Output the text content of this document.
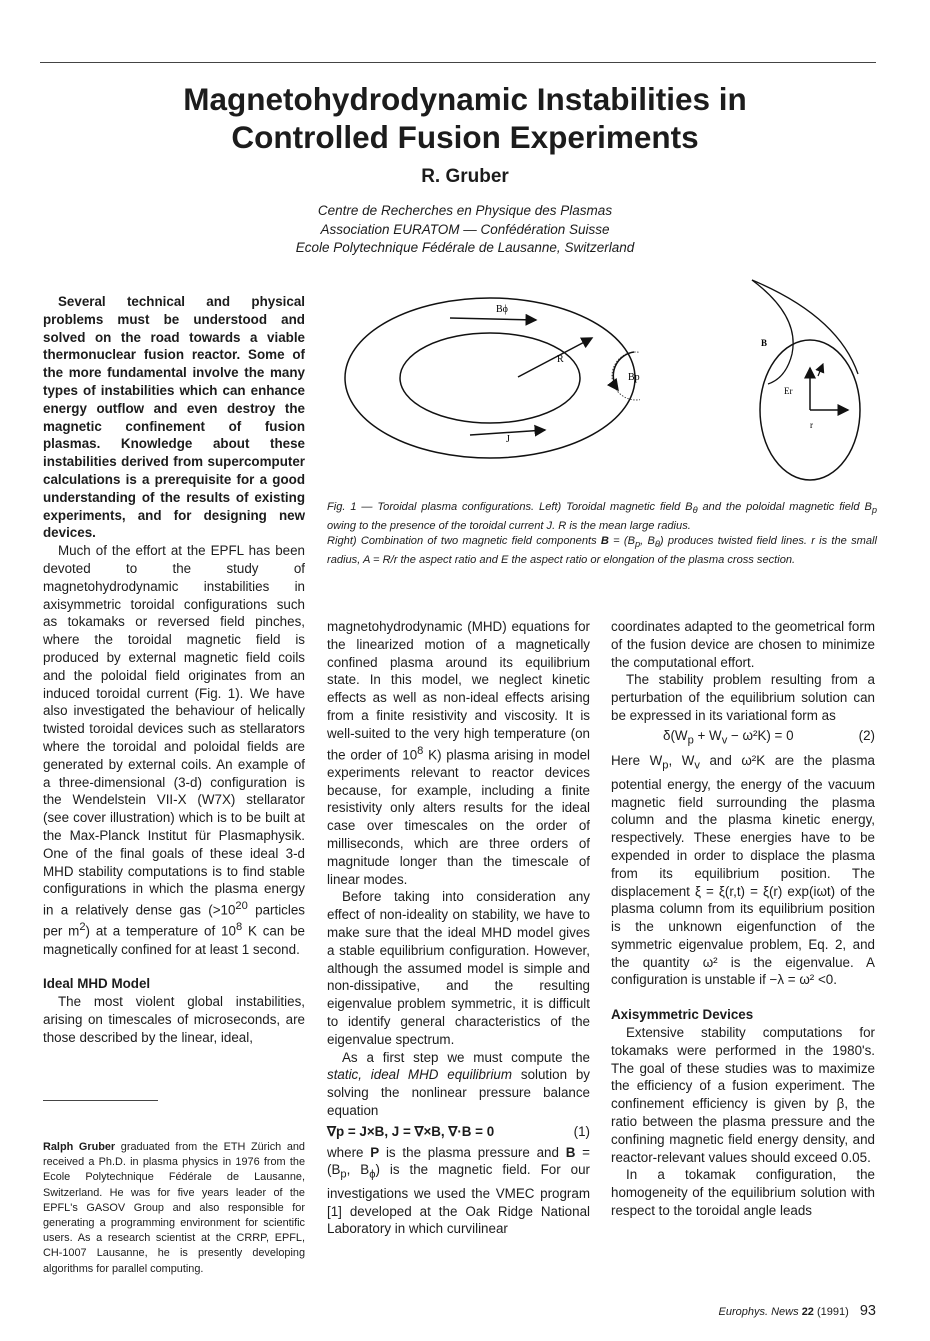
Magnetohydrodynamic Instabilities in
Controlled Fusion Experiments
R. Gruber
Centre de Recherches en Physique des Plasmas
Association EURATOM — Confédération Suisse
Ecole Polytechnique Fédérale de Lausanne, Switzerland

Several technical and physical problems must be understood and solved on the road towards a viable thermonuclear fusion reactor. Some of the more fundamental involve the many types of instabilities which can enhance energy outflow and even destroy the magnetic confinement of fusion plasmas. Knowledge about these instabilities derived from supercomputer calculations is a prerequisite for a good understanding of the results of existing experiments, and for designing new devices.

Much of the effort at the EPFL has been devoted to the study of magnetohydrodynamic instabilities in axisymmetric toroidal configurations such as tokamaks or reversed field pinches, where the toroidal magnetic field is produced by external magnetic field coils and the poloidal field originates from an induced toroidal current (Fig. 1). We have also investigated the behaviour of helically twisted toroidal devices such as stellarators where the toroidal and poloidal fields are generated by external coils. An example of a three-dimensional (3-d) configuration is the Wendelstein VII-X (W7X) stellarator (see cover illustration) which is to be built at the Max-Planck Institut für Plasmaphysik. One of the final goals of these ideal 3-d MHD stability computations is to find stable configurations in which the plasma energy in a relatively dense gas ($>10^{20}$ particles per $m^2$) at a temperature of $10^8$ K can be magnetically confined for at least 1 second.

Ideal MHD Model

The most violent global instabilities, arising on timescales of microseconds, are those described by the linear, ideal,

Ralph Gruber graduated from the ETH Zürich and received a Ph.D. in plasma physics in 1976 from the Ecole Polytechnique Fédérale de Lausanne, Switzerland. He was for five years leader of the EPFL's GASOV Group and also responsible for generating a programming environment for scientific users. As a research scientist at the CRRP, EPFL, CH-1007 Lausanne, he is presently developing algorithms for parallel computing.
Bϕ
R
Bp
J
B
Er
r

Fig. 1 — Toroidal plasma configurations. Left) Toroidal magnetic field $B_\theta$ and the poloidal magnetic field $B_p$ owing to the presence of the toroidal current J. R is the mean large radius.

Right) Combination of two magnetic field components $B = (B_p$, $B_\theta$) produces twisted field lines. r is the small radius, A = R/r the aspect ratio and E the aspect ratio or elongation of the plasma cross section.

magnetohydrodynamic (MHD) equations for the linearized motion of a magnetically confined plasma around its equilibrium state. In this model, we neglect kinetic effects as well as non-ideal effects arising from a finite resistivity and viscosity. It is well-suited to the very high temperature (on the order of $10^8$ K) plasma arising in model experiments relevant to reactor devices because, for example, including a finite resistivity only alters results for the ideal case over timescales on the order of milliseconds, which are three orders of magnitude longer than the timescale of linear modes.

Before taking into consideration any effect of non-ideality on stability, we have to make sure that the ideal MHD model gives a stable equilibrium configuration. However, although the assumed model is simple and non-dissipative, and the resulting eigenvalue problem symmetric, it is difficult to identify general characteristics of the eigenvalue spectrum.

As a first step we must compute the static, ideal MHD equilibrium solution by solving the nonlinear pressure balance equation

∇p = J×B, J = ∇×B, ∇·B = 0	(1)

where P is the plasma pressure and $B = (B_p$, $B_\phi$) is the magnetic field. For our investigations we used the VMEC program [1] developed at the Oak Ridge National Laboratory in which curvilinear

coordinates adapted to the geometrical form of the fusion device are chosen to minimize the computational effort.

The stability problem resulting from a perturbation of the equilibrium solution can be expressed in its variational form as

$\delta(W_p + W_v - \omega^2K) = 0$	(2)

Here $W_p$, $W_v$ and ω²K are the plasma potential energy, the energy of the vacuum magnetic field surrounding the plasma column and the plasma kinetic energy, respectively. These energies have to be expended in order to displace the plasma from its equilibrium position. The displacement ξ = ξ(r,t) = ξ(r) exp(iωt) of the plasma column from its equilibrium position is the unknown eigenfunction of the symmetric eigenvalue problem, Eq. 2, and the quantity ω² is the eigenvalue. A configuration is unstable if −λ = ω² <0.

Axisymmetric Devices

Extensive stability computations for tokamaks were performed in the 1980's. The goal of these studies was to maximize the efficiency of a fusion experiment. The confinement efficiency is given by β, the ratio between the plasma pressure and the confining magnetic field energy density, and reactor-relevant values should exceed 0.05.

In a tokamak configuration, the homogeneity of the equilibrium solution with respect to the toroidal angle leads

Europhys. News 22 (1991) 93
